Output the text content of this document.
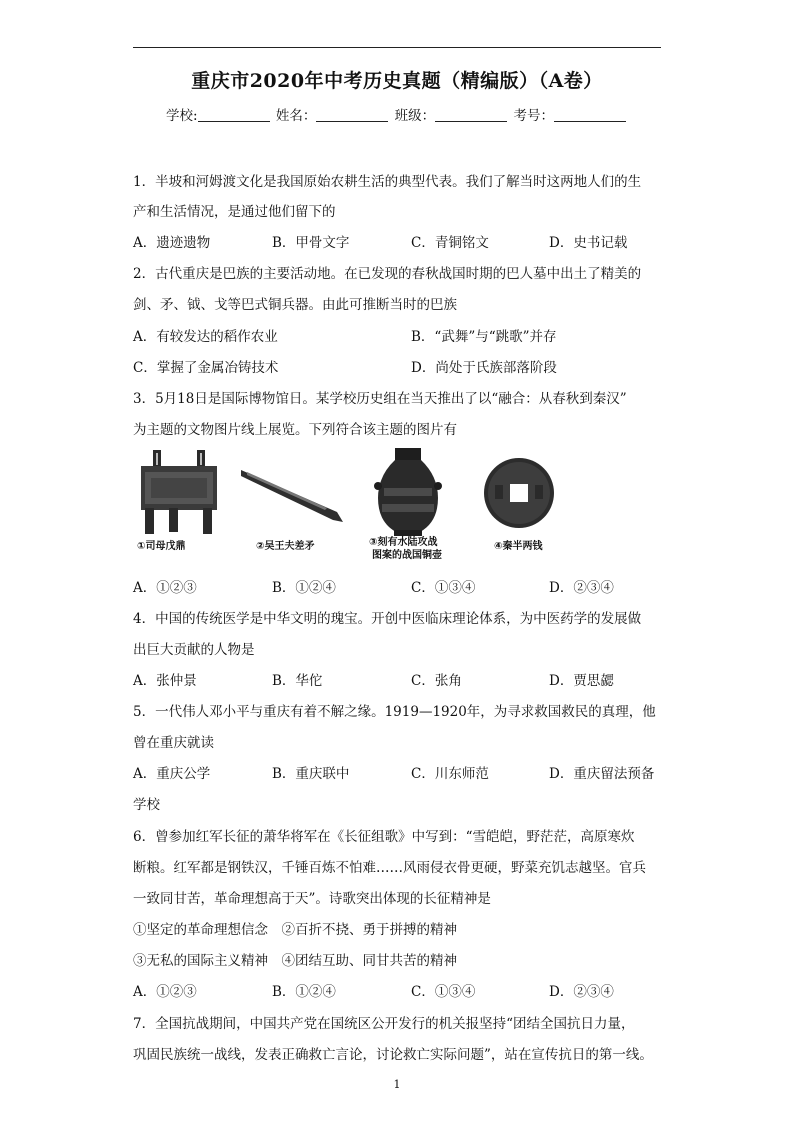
重庆市2020年中考历史真题（精编版）（A卷）
学校:	姓名：	班级：	考号：
1．半坡和河姆渡文化是我国原始农耕生活的典型代表。我们了解当时这两地人们的生
产和生活情况，是通过他们留下的
A．遗迹遗物	B．甲骨文字	C．青铜铭文	D．史书记载
2．古代重庆是巴族的主要活动地。在已发现的春秋战国时期的巴人墓中出土了精美的
剑、矛、钺、戈等巴式铜兵器。由此可推断当时的巴族
A．有较发达的稻作农业	B．“武舞”与“跳歌”并存
C．掌握了金属冶铸技术	D．尚处于氏族部落阶段
3．5月18日是国际博物馆日。某学校历史组在当天推出了以“融合：从春秋到秦汉”
为主题的文物图片线上展览。下列符合该主题的图片有
①司母戊鼎	②吴王夫差矛	③刻有水陆攻战
图案的战国铜壶
④秦半两钱
A．①②③	B．①②④	C．①③④	D．②③④
4．中国的传统医学是中华文明的瑰宝。开创中医临床理论体系，为中医药学的发展做
出巨大贡献的人物是
A．张仲景	B．华佗	C．张角	D．贾思勰
5．一代伟人邓小平与重庆有着不解之缘。1919—1920年，为寻求救国救民的真理，他
曾在重庆就读
A．重庆公学	B．重庆联中	C．川东师范	D．重庆留法预备
学校
6．曾参加红军长征的萧华将军在《长征组歌》中写到：“雪皑皑，野茫茫，高原寒炊
断粮。红军都是钢铁汉，千锤百炼不怕难……风雨侵衣骨更硬，野菜充饥志越坚。官兵
一致同甘苦，革命理想高于天”。诗歌突出体现的长征精神是
①坚定的革命理想信念　②百折不挠、勇于拼搏的精神
③无私的国际主义精神　④团结互助、同甘共苦的精神
A．①②③	B．①②④	C．①③④	D．②③④
7．全国抗战期间，中国共产党在国统区公开发行的机关报坚持“团结全国抗日力量，
巩固民族统一战线，发表正确救亡言论，讨论救亡实际问题”，站在宣传抗日的第一线。
1
